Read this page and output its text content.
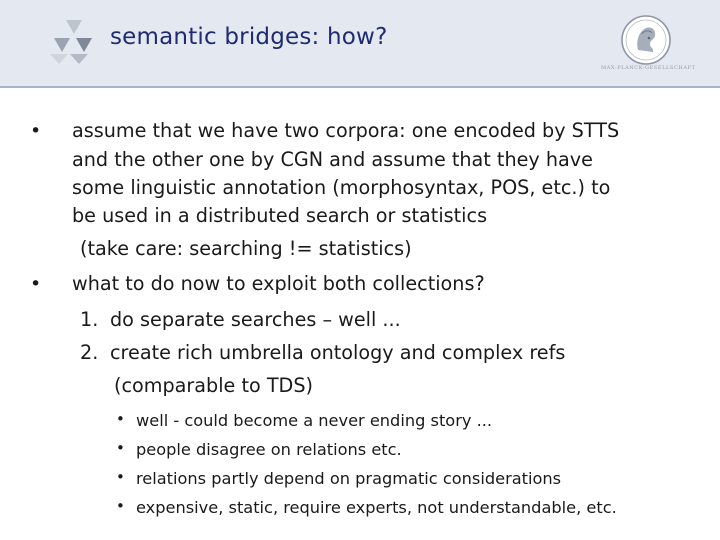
semantic bridges: how?
MAX-PLANCK-GESELLSCHAFT
• assume that we have two corpora: one encoded by STTS
and the other one by CGN and assume that they have
some linguistic annotation (morphosyntax, POS, etc.) to
be used in a distributed search or statistics
(take care: searching != statistics)
• what to do now to exploit both collections?
1. do separate searches – well ...
2. create rich umbrella ontology and complex refs
(comparable to TDS)
• well - could become a never ending story ...
• people disagree on relations etc.
• relations partly depend on pragmatic considerations
• expensive, static, require experts, not understandable, etc.
